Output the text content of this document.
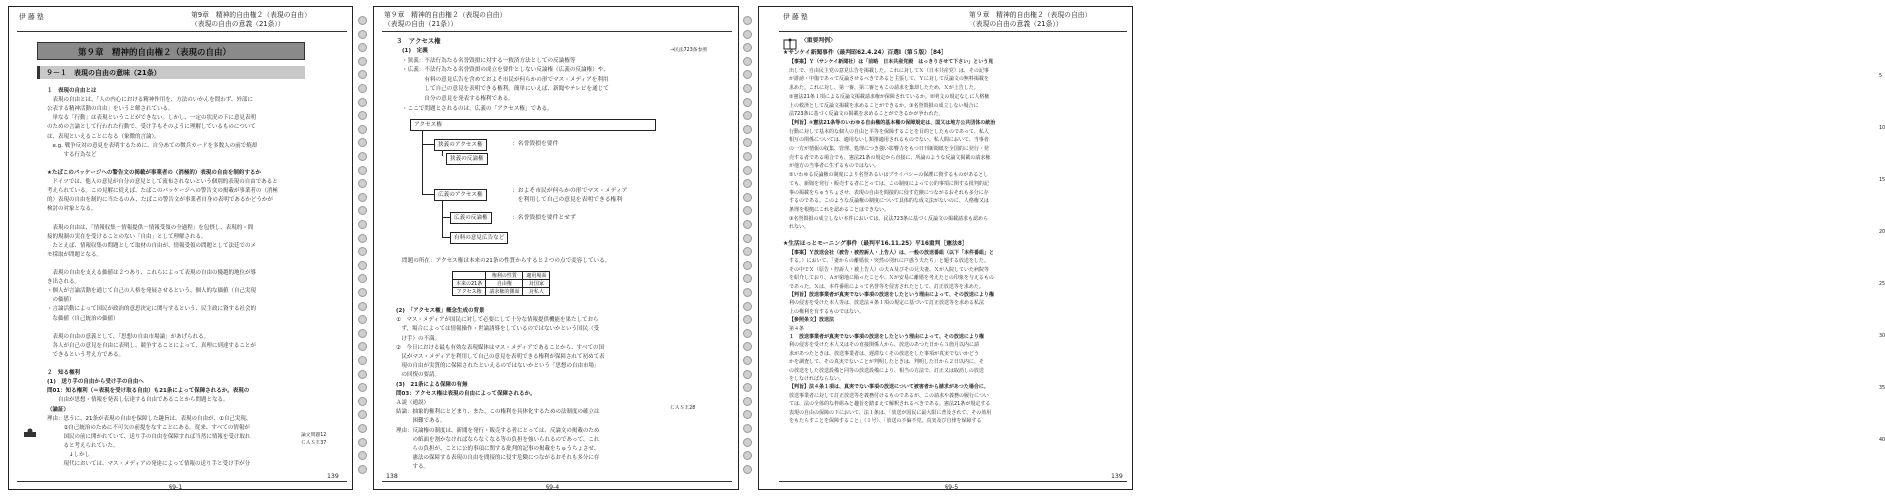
伊 藤 塾	第9章　精神的自由権２（表現の自由）
（表現の自由の意義（21条））
第９章　精神的自由権２（表現の自由）
９－１　表現の自由の意味（21条）
１　表現の自由とは
　表現の自由とは、「人の内心における精神作用を、方法のいかんを問わず、外部に
公表する精神活動の自由」をいうと解されている。
　単なる「行動」は表現ということができない。しかし、一定の状況の下に意見表明
のための言論として行われた行動で、受け手もそのように理解しているものについて
は、表現といえることになる（象徴的言論）。
　e.g. 戦争反対の意見を表明するために、自分あての徴兵カードを多数人の前で焼却
　　　する行為など
★たばこのパッケージへの警告文の掲載が事業者の（消極的）表現の自由を制約するか
　ドイツでは、他人の意見が自分の意見として流布されないという個別的表現の自由であると
考えられている。この見解に従えば、たばこのパッケージへの警告文の掲載が事業者の（消極
的）表現の自由を制約に当たるのみ、たばこの警告文が事業者自身の表明であるかどうかが
検討の対象となる。
　表現の自由は、「情報収集－情報提供－情報受領の全過程」を包摂し、表現的・間
接的規制の実在を受けることのない「自由」として理解される。
　たとえば、情報収集の問題として取材の自由が、情報受領の問題として法廷でのメ
モ採取が問題となる。
　表現の自由を支える価値は２つあり、これらによって表現の自由の優越的地位が導
き出される。
・個人が言論活動を通じて自己の人格を発展させるという、個人的な価値（自己実現
　の価値）
・言論活動によって国民が政治的意思決定に関与するという、民主政に資する社会的
　な価値（自己統治の価値）
　表現の自由の意義として、「思想の自由市場論」があげられる。
　各人が自己の意見を自由に表明し、競争することによって、真理に到達することが
　できるという考え方である。
２　知る権利
(1)　送り手の自由から受け手の自由へ
問01：知る権利（＝表現を受け取る自由）も21条によって保障されるか。表現の
　　自由が思想・情報を発表し伝達する自由であることから問題となる。
（論証）
理由：思うに、21条が表現の自由を保障した趣旨は、表現の自由が、①自己実現、
　　　②自己統治のために不可欠の前提をなすことにある。従来、すべての情報が
　　　国民の前に開かれていて、送り手の自由を保障すれば当然に情報を受け取れ
　　　ると考えられていた。
　　　　↓しかし
　　　現代においては、マス・メディアの発達によって情報の送り手と受け手が分
論文問題12
ＣＡＳＥ37
139
§9-1
第９章　精神的自由権２（表現の自由）
（表現の自由（21条））
３　アクセス権
(1)　定義
・狭義：不法行為たる名誉毀損に対する一救済方法としての反論権等
・広義：不法行為たる名誉毀損の成立を要件としない反論権（広義の反論権）や、
　　　　有料の意見広告を含めておよそ市民が何らかの形でマス・メディアを利用
　　　　して自己の意見を表明できる権利。簡単にいえば、新聞やテレビを通じて
　　　　自分の意見を発表する権利である。
・ここで問題とされるのは、広義の「アクセス権」である。
→民法723条参照
アクセス権
狭義のアクセス権	：名誉毀損を要件
狭義の反論権
広義のアクセス権
：およそ市民が何らかの形でマス・メディア
　を利用して自己の意見を表明できる権利
広義の反論権	：名誉毀損を要件とせず
有料の意見広告など
問題の所在：アクセス権は本来の21条の性質からすると２つの点で変容している。
	権利の性質	適用場面
本来の21条	自由権	対国家
アクセス権	請求権的側面	対私人
(2)　「アクセス権」概念生成の背景
①　マス・メディアが国民に対して必要にして十分な情報提供機能を果たしておら
　ず、場合によっては情報操作・世論誘導をしているのではないかという国民（受
　け手）の不満。
②　今日における最も有効な表現媒体はマス・メディアであることから、すべての国
　民がマス・メディアを利用して自己の意見を表明できる権利が保障されて初めて表
　現の自由が実質的に保障されたといえるのではないかという「思想の自由市場」
　の回復の要請。
(3)　21条による保障の有無
問03：アクセス権は表現の自由によって保障されるか。
Ａ説（通説）
結論：抽象的権利にとどまり、また、この権利を具体化するための法制度の確立は
　　　困難である。
理由：反論権の制度は、新聞を発行・販売する者にとっては、反論文の掲載のため
　　　の紙面を割かなければならなくなる等の負担を強いられるのであって、これ
　　　らの負担が、ことに公的事項に関する批判的記事の掲載をちゅうちょさせ、
　　　憲法の保障する表現の自由を間接的に侵す危険につながるおそれも多分に存
　　　する。
ＣＡＳＥ28
138
§9-4
伊 藤 塾	第９章　精神的自由権２（表現の自由）
（表現の自由の意義（21条））
〈重要判例〉
★サンケイ新聞事件（最判昭62.4.24）百選Ⅰ（第５版）［84］
【事案】Ｙ（サンケイ新聞社）は「前略　日本共産党殿　はっきりさせて下さい」という見
出しで、自由民主党の意見広告を掲載した。これに対してＸ（日本共産党）は、その記事
が誹謗・中傷であって反論させるべきであると主張して、Ｙに対して反論文の無料掲載を
求めた。これに対し、第一審、第二審ともこの請求を棄却したため、Ｘが上告した。
②憲法21条１項による反論文掲載請求権が保障されているか。②明文の規定なしに人格権
上の救済として反論文掲載を求めることができるか。③名誉毀損の成立しない場合に
法723条に基づく反論文の掲載を求めることができるかが争われた。
【判旨】①憲法21条等のいわゆる自由権的基本権の保障規定は、国又は地方公共団体の統治
行動に対して基本的な個人の自由と平等を保障することを目的としたものであって、私人
相互の関係については、適用ないし類推適用されるものでない。私人間において、当事者
の一方が情報の収集、管理、処理につき強い影響力をもつ日刊新聞紙を全国的に発行・発
売する者である場合でも、憲法21条の規定から直接に、所論のような反論文掲載の請求権
が他方の当事者に生ずるものではない。
②いわゆる反論権の制度により名誉あるいはプライバシーの保護に資するものがあるとし
ても、新聞を発行・販売する者にとっては、この制度によって公的事項に関する批判的記
事の掲載をちゅうちょさせ、表現の自由を間接的に侵す危険につながるおそれも多分に存
するのである。このような反論権の制度について具体的な成文法がないのに、人格権又は
条理を根拠にこれを認めることはできない。
③名誉毀損の成立しない本件においては、民法723条に基づく反論文の掲載請求も認めら
れない。
★生活ほっとモーニング事件（最判平16.11.25）平16重判［憲法8］
【事案】Ｙ放送会社（被告・被控訴人・上告人）は、一般の放送番組（以下「本件番組」と
する。）において、「妻からの離婚状・突然の別れに戸惑う夫たち」と題する放送をした。
その中でＸ（原告・控訴人・被上告人）の夫Ａ及びその兄夫妻、Ｘが入院していた病院等
を紹介しており、Ａが窮地に陥ったことや、Ｘが安易に離婚を考えたとの印象を与えるもの
であった。Ｘは、本件番組によって名誉等を侵害されたとして、訂正放送等を求めた。
【判旨】放送事業者が真実でない事項の放送をしたという理由によって、その放送により権
利の侵害を受けた本人等は、放送法４条１項の規定に基づいて訂正放送等を求める私法
上の権利を有するものではない。
【参照条文】放送法
第４条
１　放送事業者が真実でない事項の放送をしたという理由によって、その放送により権
利の侵害を受けた本人又はその直接関係人から、放送のあつた日から３箇月以内に請
求があつたときは、放送事業者は、遅滞なくその放送をした事項が真実でないかどう
かを調査して、その真実でないことが判明したときは、判明した日から２日以内に、そ
の放送をした放送設備と同等の放送設備により、相当の方法で、訂正又は取消しの放送
をしなければならない。
【判旨】法４条１項は、真実でない事項の放送について被害者から請求があつた場合に、
放送事業者に対して訂正放送等を義務付けるものであるが、この請求や義務の履行につい
ては、法の全体的な枠組みと趣旨を踏まえて解釈されるべきである。憲法21条が規定する
表現の自由の保障の下において、法１条は、「放送が国民に最大限に普及されて、その効用
をもたらすことを保障すること」（１号）、「放送の不偏不党、真実及び自律を保障する
5
10
15
20
25
30
35
40
139
§9-5
